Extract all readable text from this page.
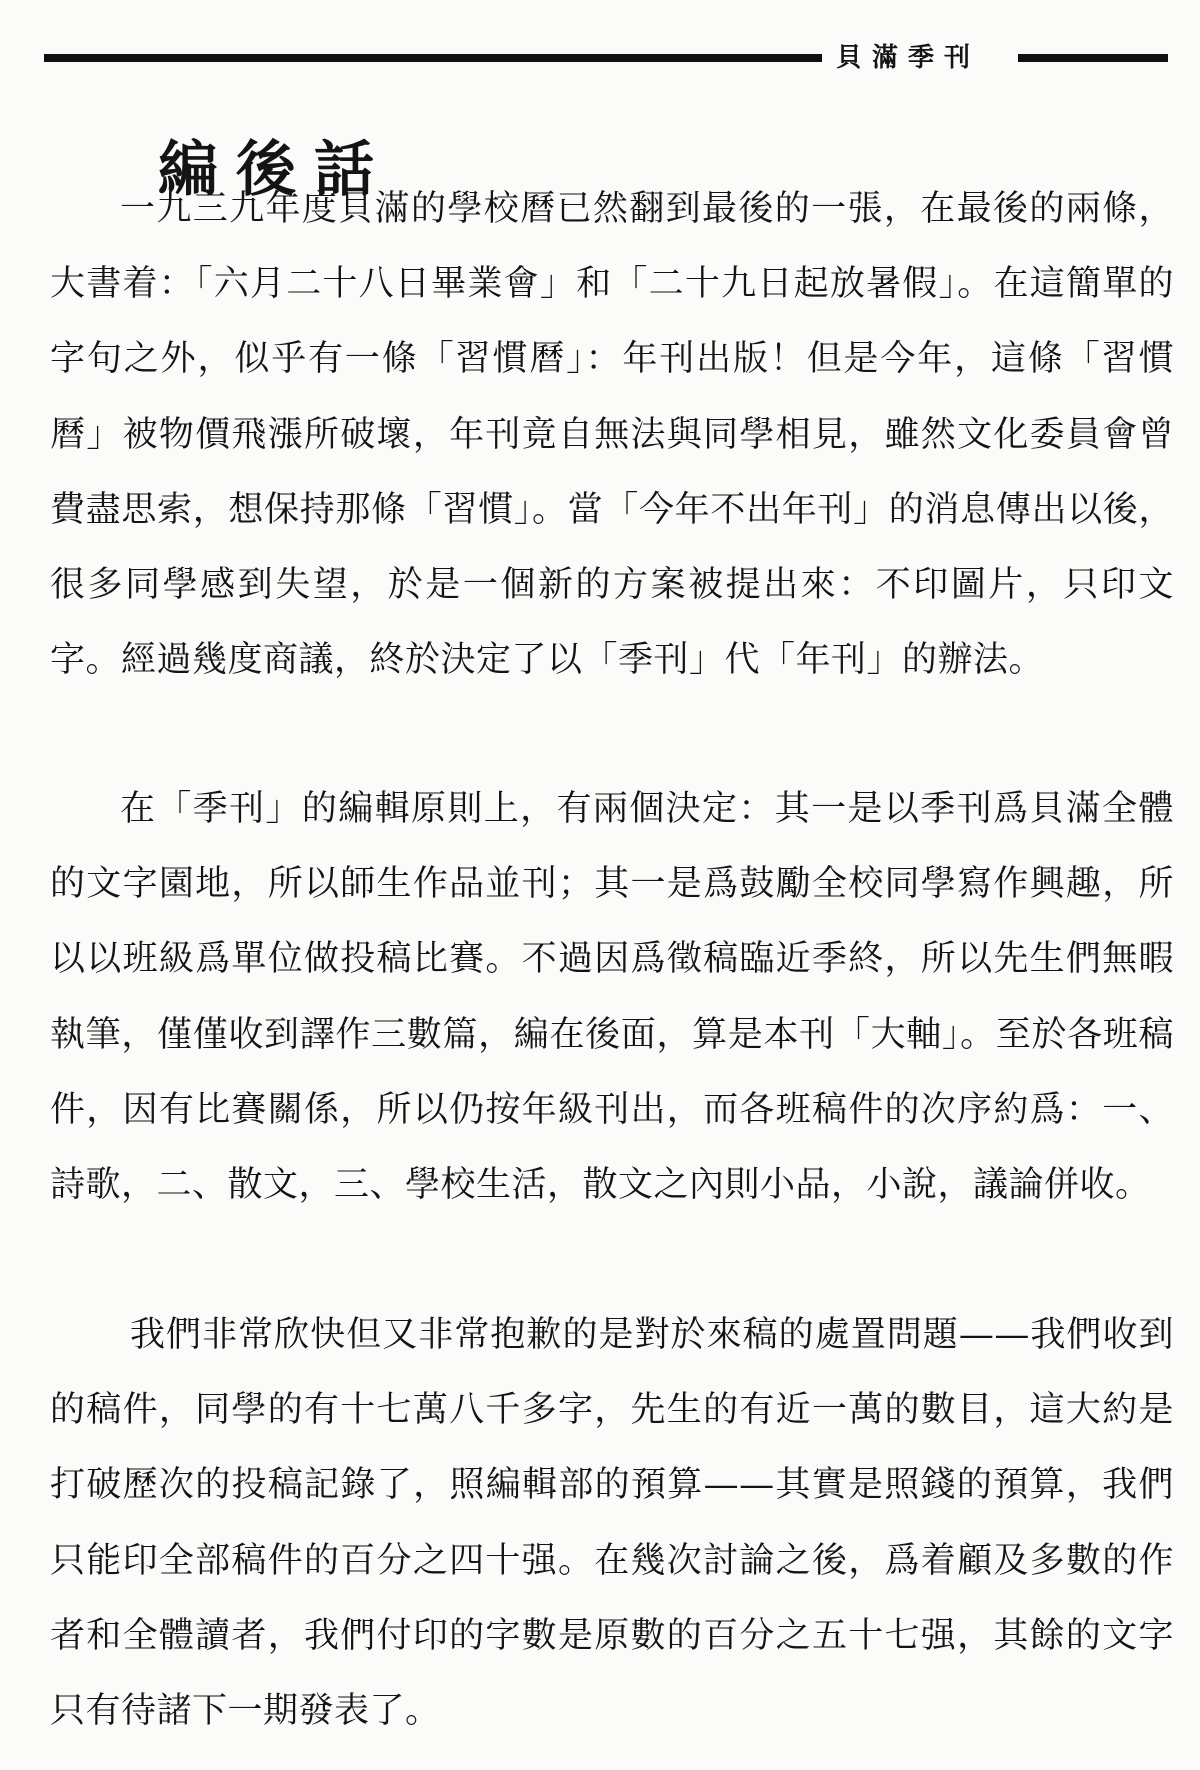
貝滿季刊
編後話

一九三九年度貝滿的學校曆已然翻到最後的一張，在最後的兩條，大書着：「六月二十八日畢業會」和「二十九日起放暑假」。在這簡單的字句之外，似乎有一條「習慣曆」：年刊出版！但是今年，這條「習慣曆」被物價飛漲所破壞，年刊竟自無法與同學相見，雖然文化委員會曾費盡思索，想保持那條「習慣」。當「今年不出年刊」的消息傳出以後，很多同學感到失望，於是一個新的方案被提出來：不印圖片，只印文字。經過幾度商議，終於決定了以「季刊」代「年刊」的辦法。

在「季刊」的編輯原則上，有兩個決定：其一是以季刊爲貝滿全體的文字園地，所以師生作品並刊；其一是爲鼓勵全校同學寫作興趣，所以以班級爲單位做投稿比賽。不過因爲徵稿臨近季終，所以先生們無暇執筆，僅僅收到譯作三數篇，編在後面，算是本刊「大軸」。至於各班稿件，因有比賽關係，所以仍按年級刊出，而各班稿件的次序約爲：一、詩歌，二、散文，三、學校生活，散文之內則小品，小說，議論併收。

我們非常欣快但又非常抱歉的是對於來稿的處置問題——我們收到的稿件，同學的有十七萬八千多字，先生的有近一萬的數目，這大約是打破歷次的投稿記錄了，照編輯部的預算——其實是照錢的預算，我們只能印全部稿件的百分之四十强。在幾次討論之後，爲着顧及多數的作者和全體讀者，我們付印的字數是原數的百分之五十七强，其餘的文字只有待諸下一期發表了。
